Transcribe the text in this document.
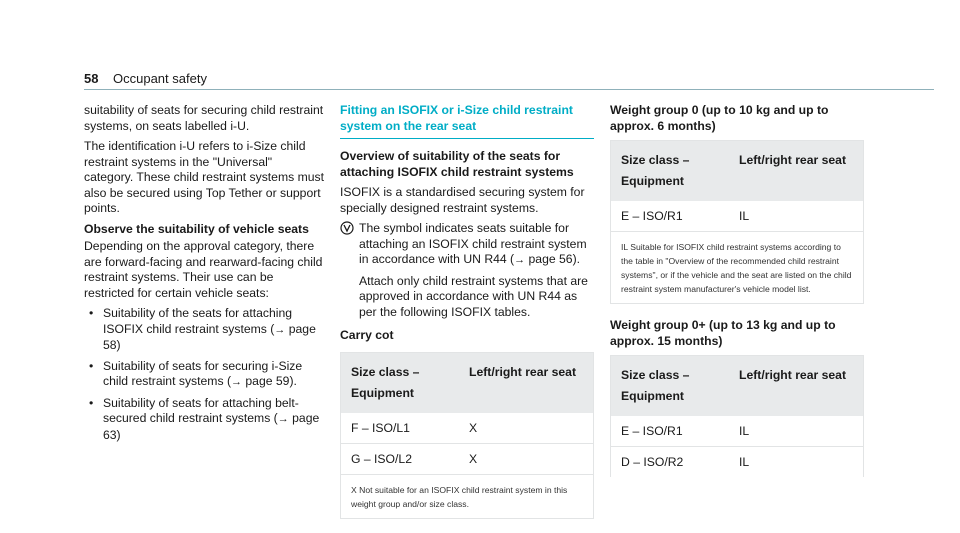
58 Occupant safety

suitability of seats for securing child restraint systems, on seats labelled i-U.

The identification i-U refers to i-Size child restraint systems in the "Universal" category. These child restraint systems must also be secured using Top Tether or support points.

Observe the suitability of vehicle seats

Depending on the approval category, there are forward-facing and rearward-facing child restraint systems. Their use can be restricted for certain vehicle seats:

• Suitability of the seats for attaching ISOFIX child restraint systems (→ page 58)
• Suitability of seats for securing i-Size child restraint systems (→ page 59).
• Suitability of seats for attaching belt-secured child restraint systems (→ page 63)
Fitting an ISOFIX or i-Size child restraint system on the rear seat

Overview of suitability of the seats for attaching ISOFIX child restraint systems

ISOFIX is a standardised securing system for specially designed restraint systems.

The symbol indicates seats suitable for attaching an ISOFIX child restraint system in accordance with UN R44 (→ page 56).

Attach only child restraint systems that are approved in accordance with UN R44 as per the following ISOFIX tables.

Carry cot

Size class – Equipment	Left/right rear seat
F – ISO/L1	X
G – ISO/L2	X
X Not suitable for an ISOFIX child restraint system in this weight group and/or size class.	
Weight group 0 (up to 10 kg and up to approx. 6 months)
Size class – Equipment	Left/right rear seat
E – ISO/R1	IL
IL Suitable for ISOFIX child restraint systems according to the table in "Overview of the recommended child restraint systems", or if the vehicle and the seat are listed on the child restraint system manufacturer's vehicle model list.	
Weight group 0+ (up to 13 kg and up to approx. 15 months)
Size class – Equipment	Left/right rear seat
E – ISO/R1	IL
D – ISO/R2	IL
